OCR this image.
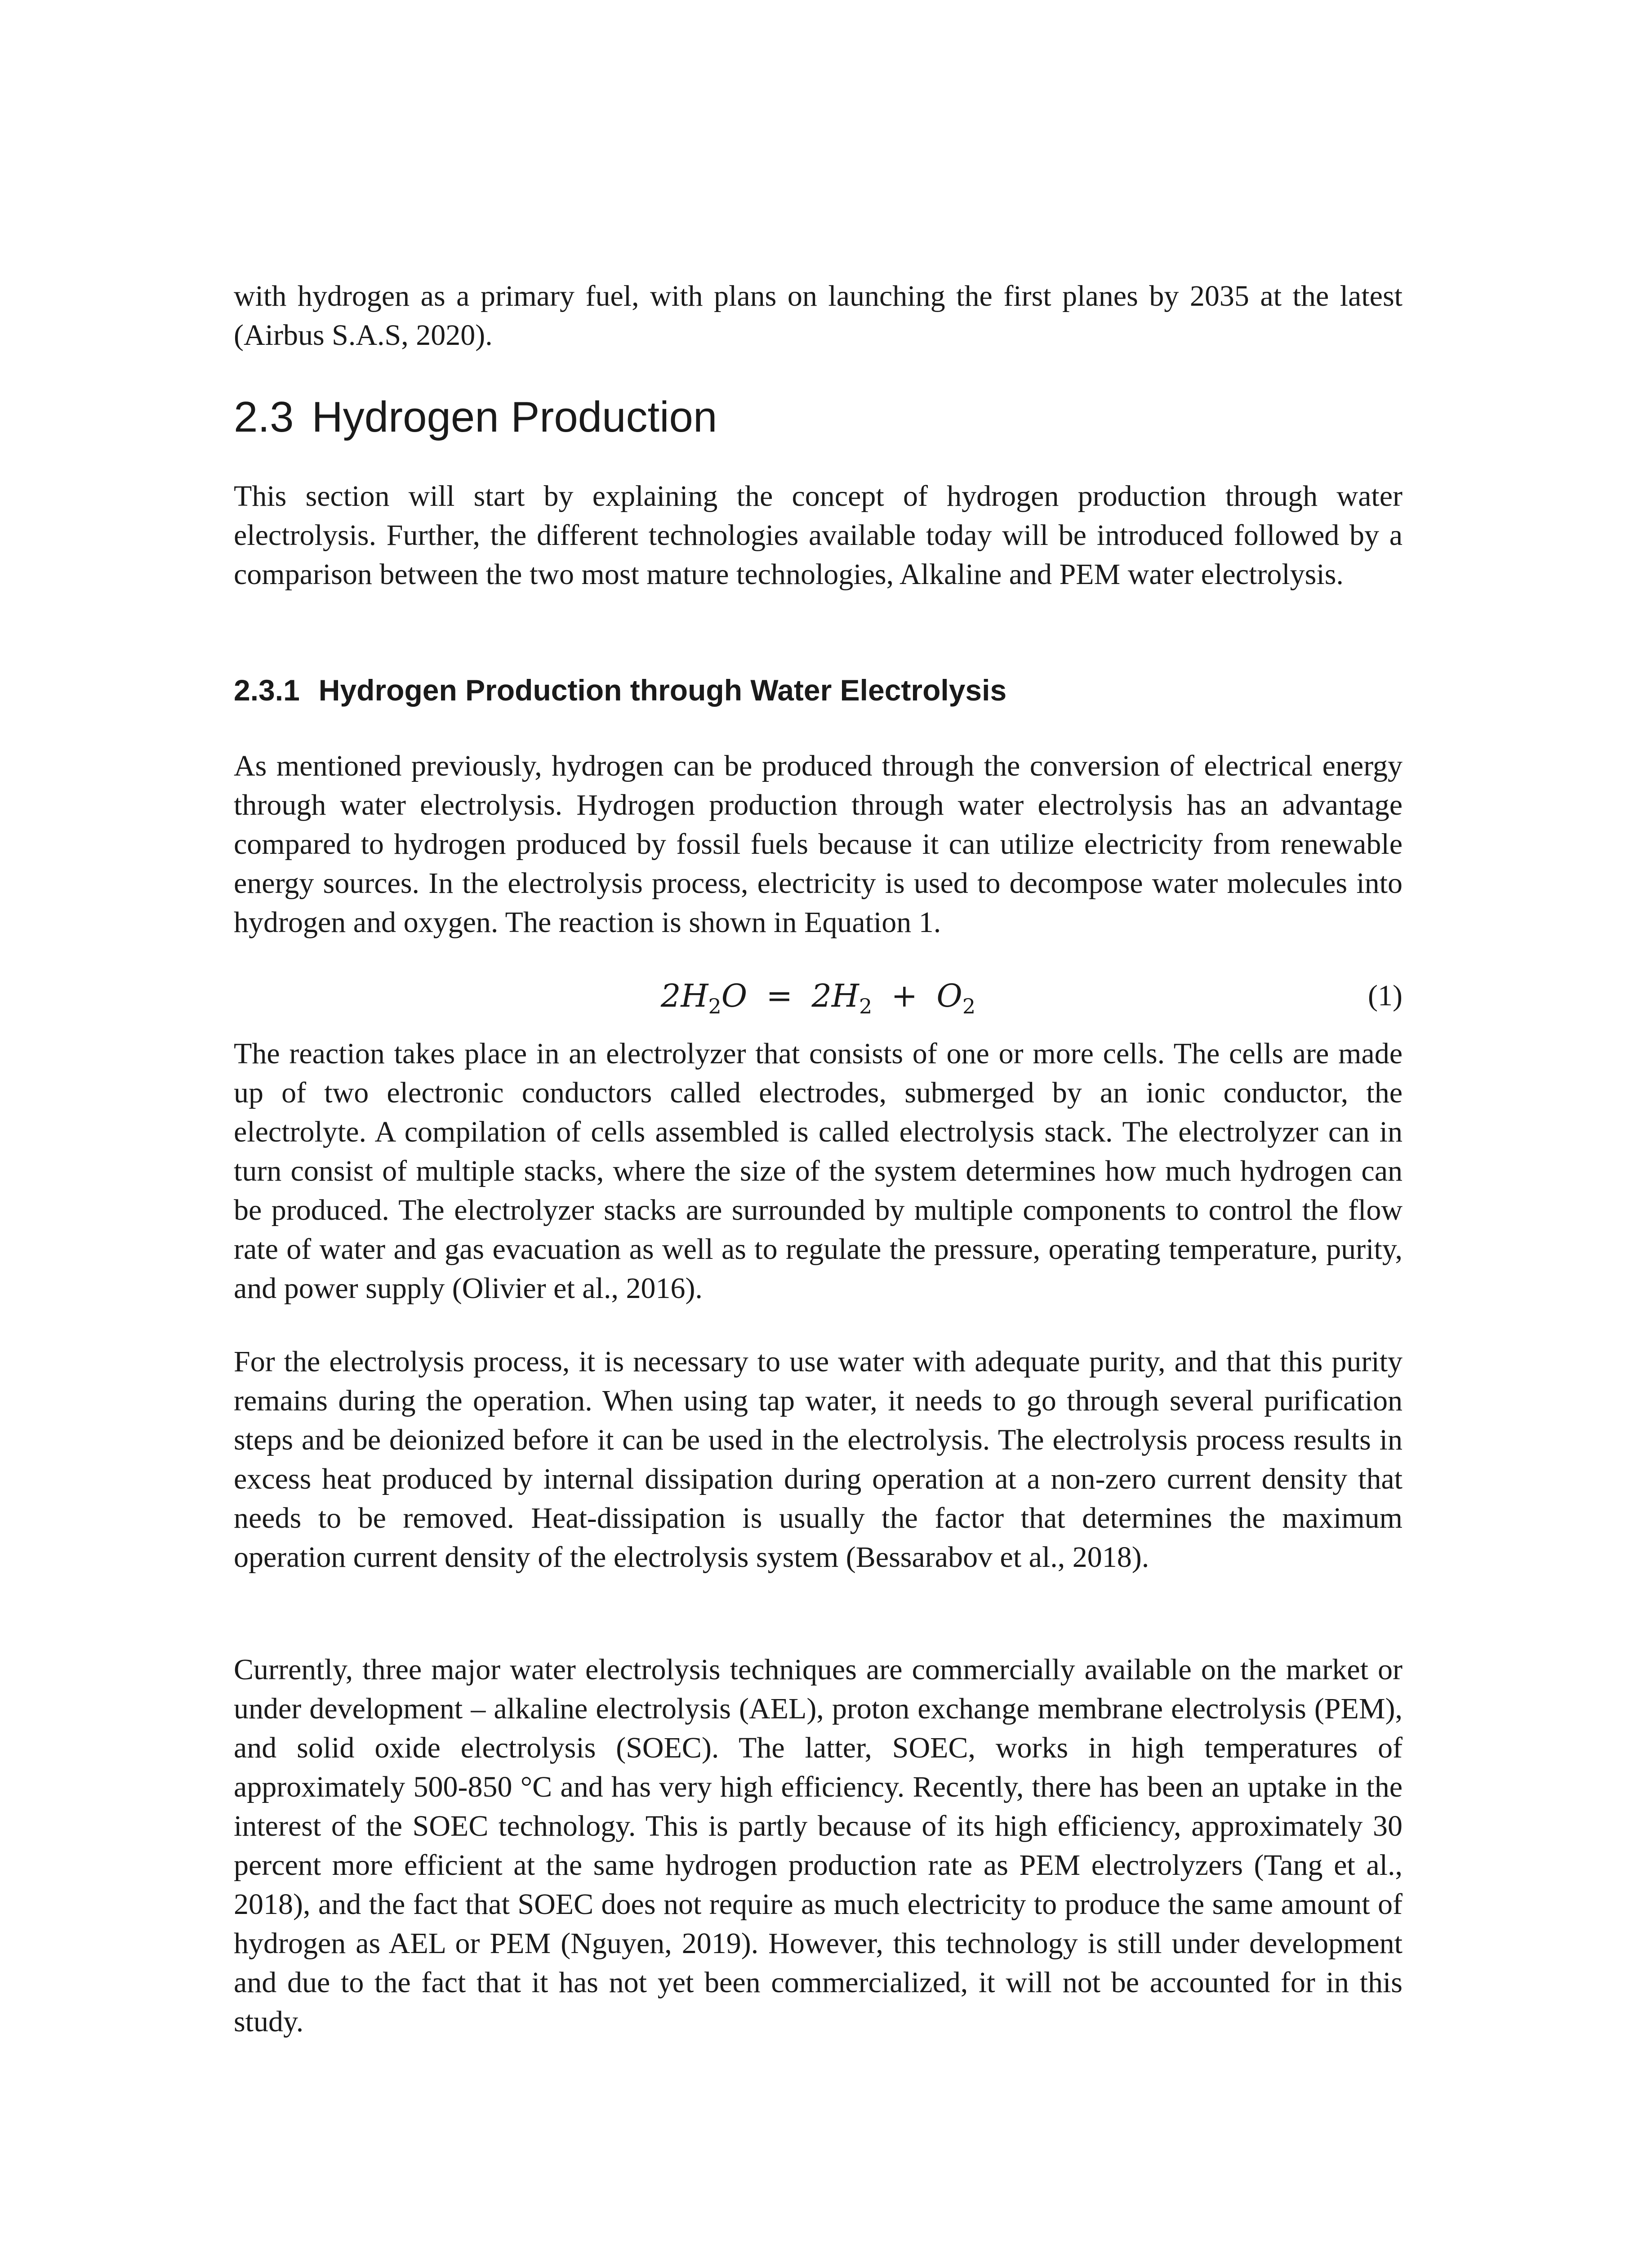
with hydrogen as a primary fuel, with plans on launching the first planes by 2035 at the latest (Airbus S.A.S, 2020).

2.3 Hydrogen Production

This section will start by explaining the concept of hydrogen production through water electrolysis. Further, the different technologies available today will be introduced followed by a comparison between the two most mature technologies, Alkaline and PEM water electrolysis.

2.3.1 Hydrogen Production through Water Electrolysis

As mentioned previously, hydrogen can be produced through the conversion of electrical energy through water electrolysis. Hydrogen production through water electrolysis has an advantage compared to hydrogen produced by fossil fuels because it can utilize electricity from renewable energy sources. In the electrolysis process, electricity is used to decompose water molecules into hydrogen and oxygen. The reaction is shown in Equation 1.

$2H_2O = 2H_2 + O_2$	(1)

The reaction takes place in an electrolyzer that consists of one or more cells. The cells are made up of two electronic conductors called electrodes, submerged by an ionic conductor, the electrolyte. A compilation of cells assembled is called electrolysis stack. The electrolyzer can in turn consist of multiple stacks, where the size of the system determines how much hydrogen can be produced. The electrolyzer stacks are surrounded by multiple components to control the flow rate of water and gas evacuation as well as to regulate the pressure, operating temperature, purity, and power supply (Olivier et al., 2016).

For the electrolysis process, it is necessary to use water with adequate purity, and that this purity remains during the operation. When using tap water, it needs to go through several purification steps and be deionized before it can be used in the electrolysis. The electrolysis process results in excess heat produced by internal dissipation during operation at a non-zero current density that needs to be removed. Heat-dissipation is usually the factor that determines the maximum operation current density of the electrolysis system (Bessarabov et al., 2018).

Currently, three major water electrolysis techniques are commercially available on the market or under development – alkaline electrolysis (AEL), proton exchange membrane electrolysis (PEM), and solid oxide electrolysis (SOEC). The latter, SOEC, works in high temperatures of approximately 500-850 °C and has very high efficiency. Recently, there has been an uptake in the interest of the SOEC technology. This is partly because of its high efficiency, approximately 30 percent more efficient at the same hydrogen production rate as PEM electrolyzers (Tang et al., 2018), and the fact that SOEC does not require as much electricity to produce the same amount of hydrogen as AEL or PEM (Nguyen, 2019). However, this technology is still under development and due to the fact that it has not yet been commercialized, it will not be accounted for in this study.
